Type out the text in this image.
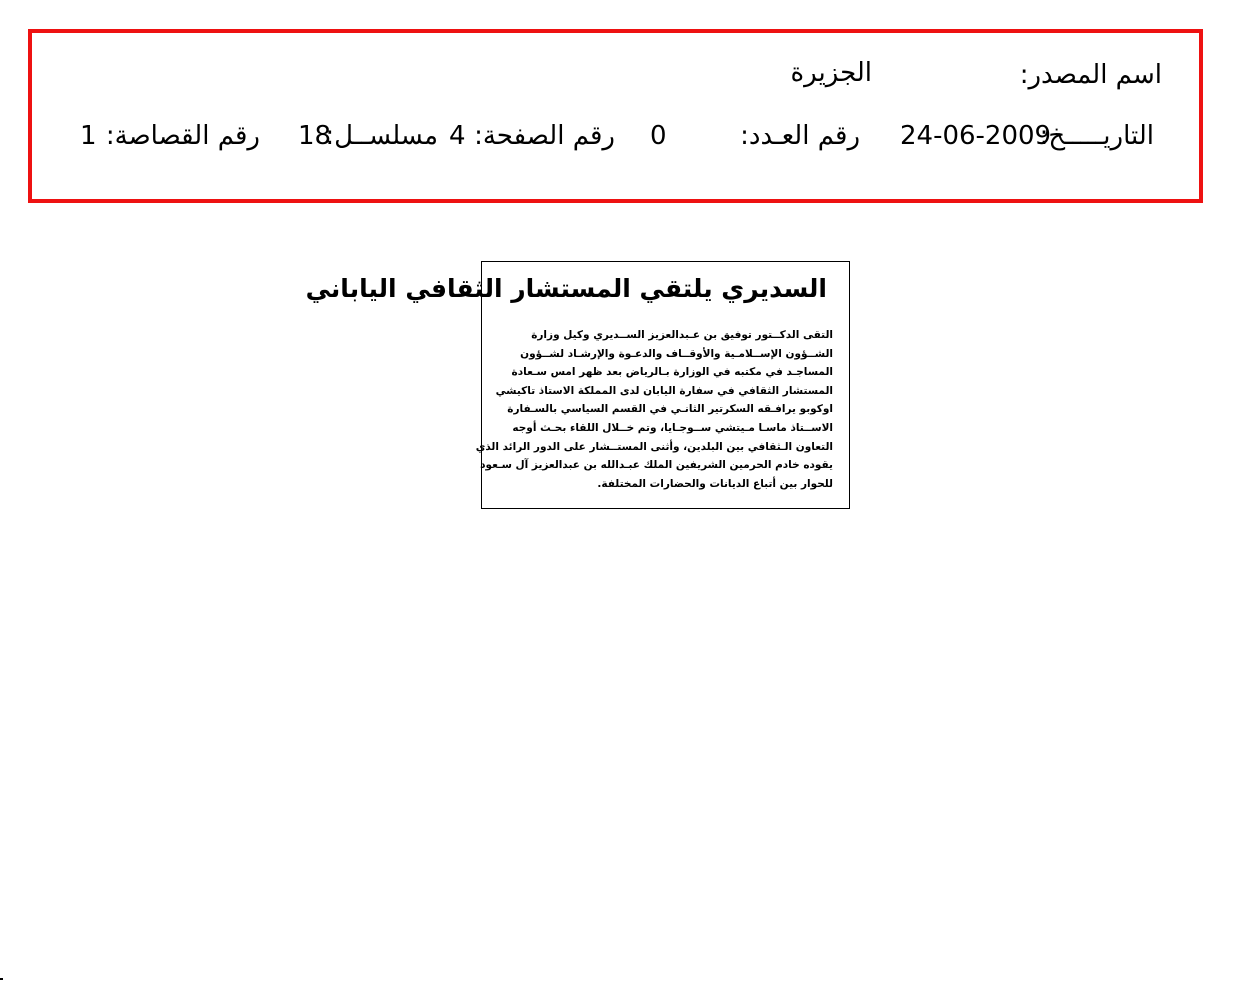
اسم المصدر:
الجزيرة
التاريـــــخ:
24-06-2009
رقم العـدد:
0
رقم الصفحة:
4
مسلســل:
18
رقم القصاصة:
1
السديري يلتقي المستشار الثقافي الياباني
التقى الدكــتور توفيق بن عـبدالعزيز الســديري وكيل وزارة
الشــؤون الإســلامـية والأوقــاف والدعـوة والإرشـاد لشــؤون
المساجـد في مكتبه في الوزارة بـالرياض بعد ظهر امس سـعادة
المستشار الثقافي في سفارة اليابان لدى المملكة الاستاذ تاكيشي
اوكوبو يرافـقه السكرتير الثانـي في القسم السياسي بالسـفارة
الاســتاذ ماسـا مـيتشي ســوجـايا، وتم خــلال اللقاء بحـث أوجه
التعاون الـثقافي بين البلدين، وأثنى المستــشار على الدور الرائد الذي
يقوده خادم الحرمين الشريفين الملك عبـدالله بن عبدالعزيز آل سـعود
للحوار بين أتباع الديانات والحضارات المختلفة.
